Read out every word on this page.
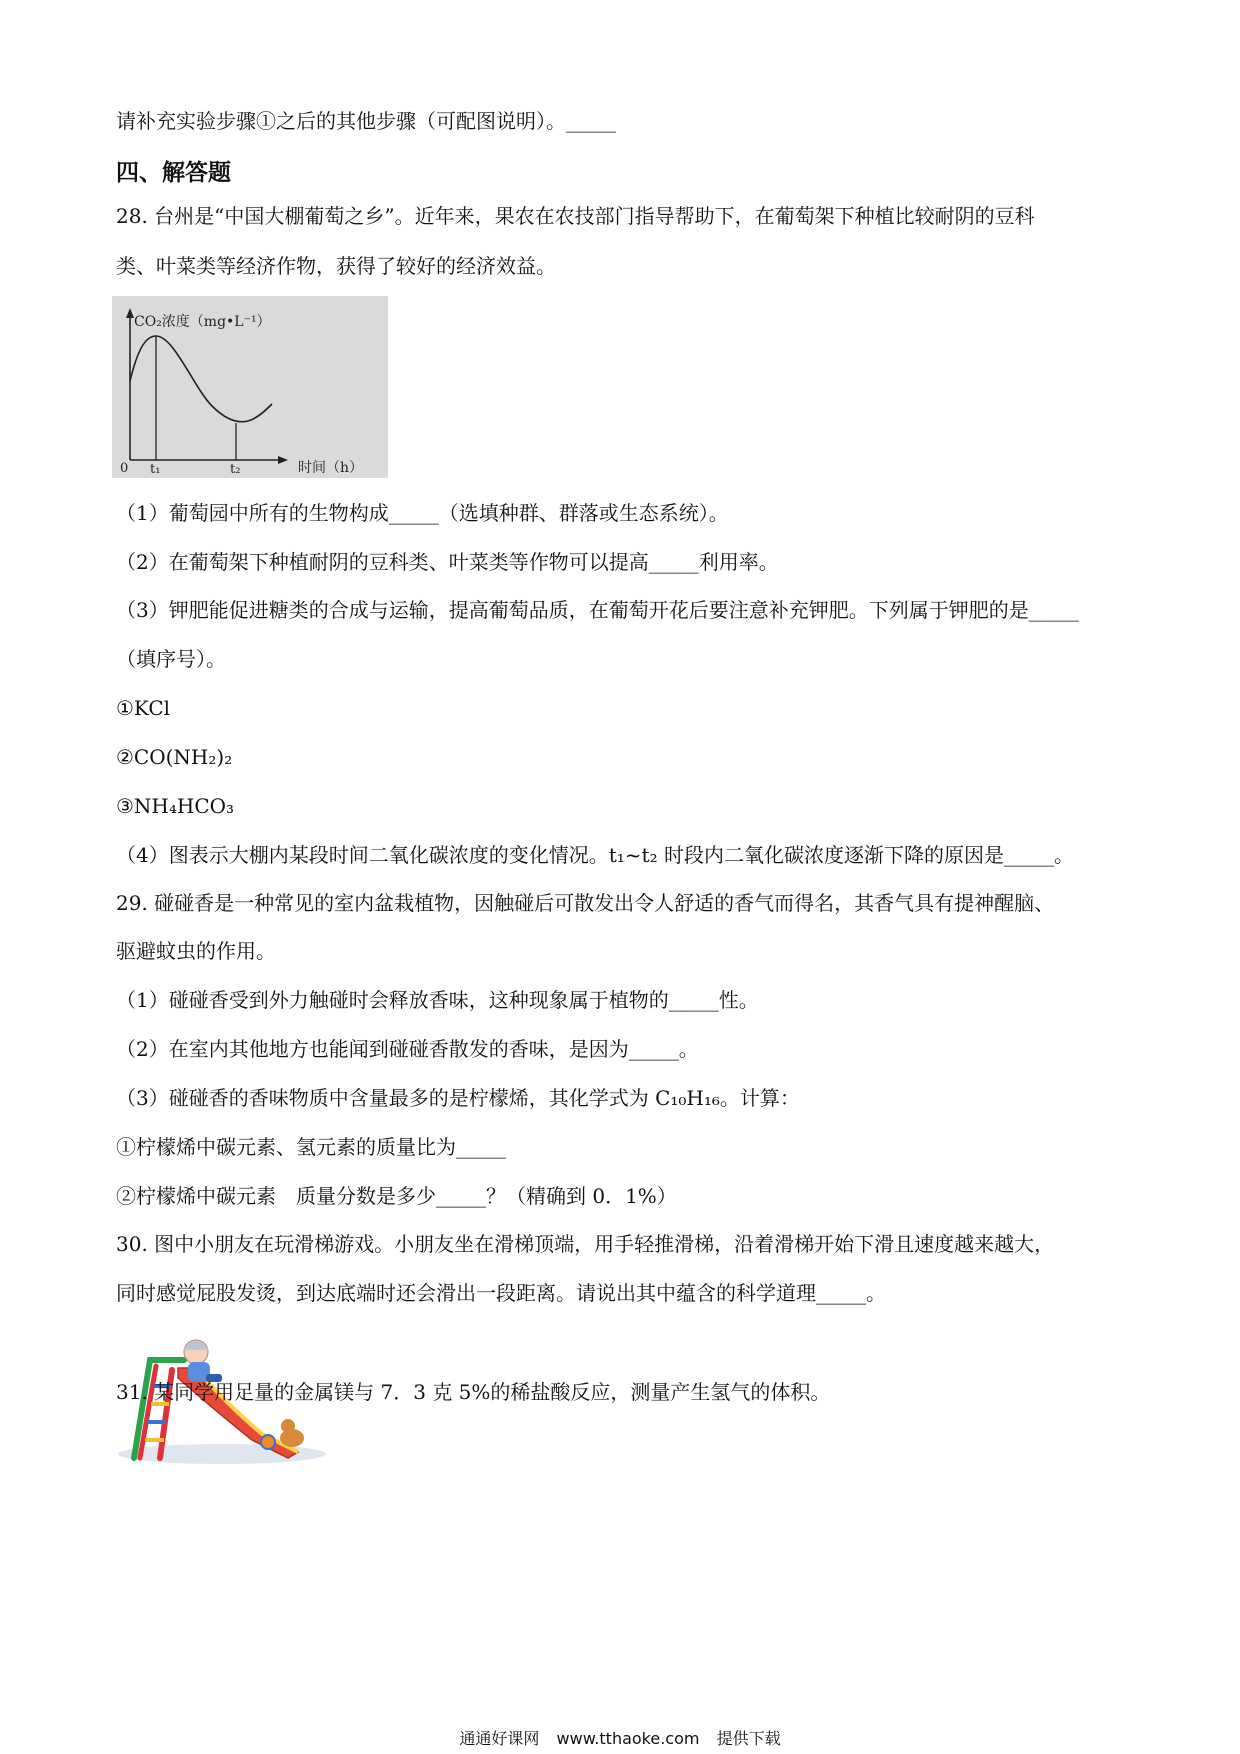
请补充实验步骤①之后的其他步骤（可配图说明）。_____
四、解答题
28. 台州是“中国大棚葡萄之乡”。近年来，果农在农技部门指导帮助下，在葡萄架下种植比较耐阴的豆科
类、叶菜类等经济作物，获得了较好的经济效益。
CO₂浓度（mg•L⁻¹）
0 t₁	t₂	时间（h）
（1）葡萄园中所有的生物构成_____（选填种群、群落或生态系统）。
（2）在葡萄架下种植耐阴的豆科类、叶菜类等作物可以提高_____利用率。
（3）钾肥能促进糖类的合成与运输，提高葡萄品质，在葡萄开花后要注意补充钾肥。下列属于钾肥的是_____
（填序号）。
①KCl
②CO(NH₂)₂
③NH₄HCO₃
（4）图表示大棚内某段时间二氧化碳浓度的变化情况。t₁~t₂ 时段内二氧化碳浓度逐渐下降的原因是_____。
29. 碰碰香是一种常见的室内盆栽植物，因触碰后可散发出令人舒适的香气而得名，其香气具有提神醒脑、
驱避蚊虫的作用。
（1）碰碰香受到外力触碰时会释放香味，这种现象属于植物的_____性。
（2）在室内其他地方也能闻到碰碰香散发的香味，是因为_____。
（3）碰碰香的香味物质中含量最多的是柠檬烯，其化学式为 C₁₀H₁₆。计算：
①柠檬烯中碳元素、氢元素的质量比为_____
②柠檬烯中碳元素　质量分数是多少_____？（精确到 0．1%）
30. 图中小朋友在玩滑梯游戏。小朋友坐在滑梯顶端，用手轻推滑梯，沿着滑梯开始下滑且速度越来越大，
同时感觉屁股发烫，到达底端时还会滑出一段距离。请说出其中蕴含的科学道理_____。
31. 某同学用足量的金属镁与 7．3 克 5%的稀盐酸反应，测量产生氢气的体积。
通通好课网 www.tthaoke.com 提供下载
